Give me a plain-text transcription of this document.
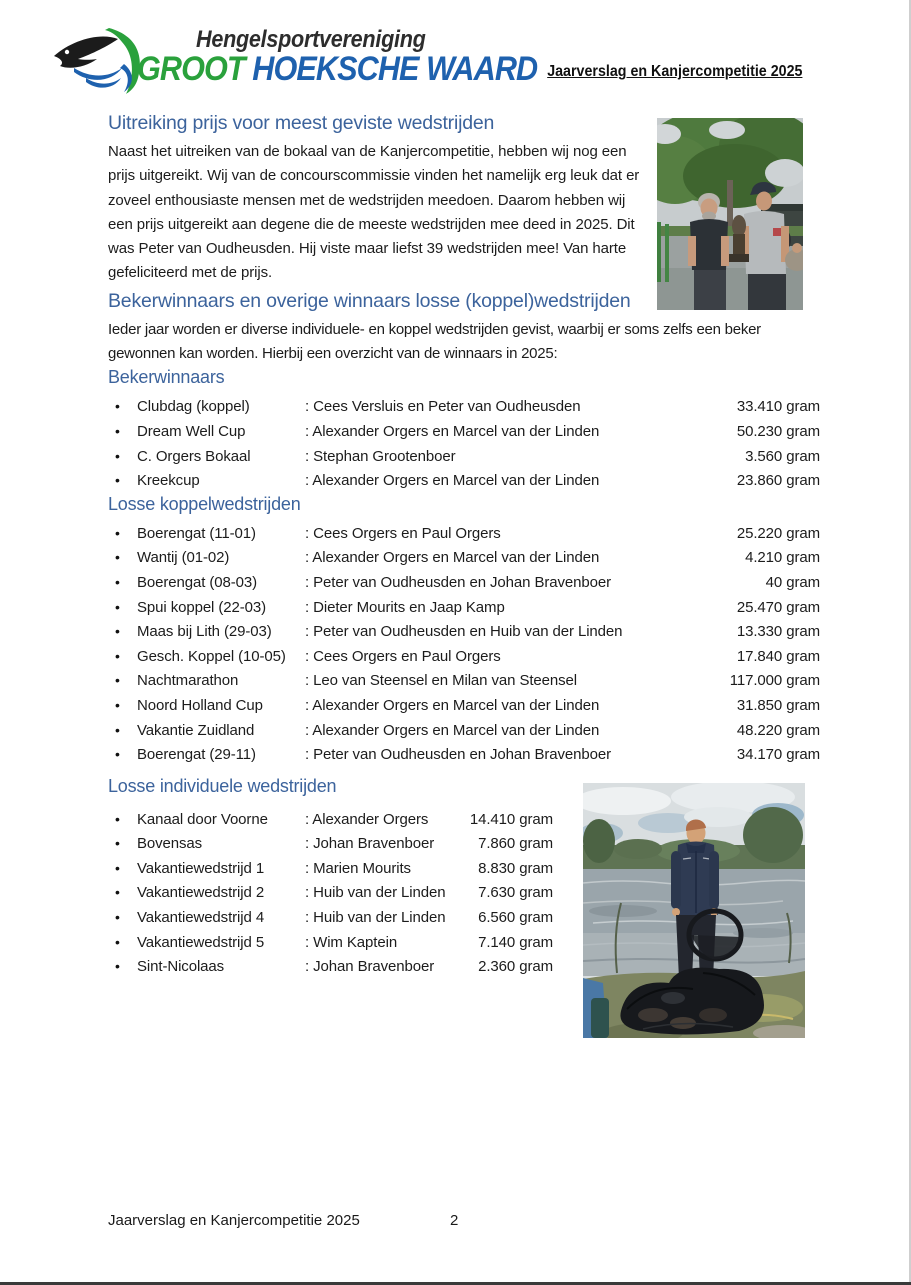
Hengelsportvereniging
GROOT HOEKSCHE WAARD Jaarverslag en Kanjercompetitie 2025
Uitreiking prijs voor meest geviste wedstrijden

Naast het uitreiken van de bokaal van de Kanjercompetitie, hebben wij nog een prijs uitgereikt. Wij van de concourscommissie vinden het namelijk erg leuk dat er zoveel enthousiaste mensen met de wedstrijden meedoen. Daarom hebben wij een prijs uitgereikt aan degene die de meeste wedstrijden mee deed in 2025. Dit was Peter van Oudheusden. Hij viste maar liefst 39 wedstrijden mee! Van harte gefeliciteerd met de prijs.

Bekerwinnaars en overige winnaars losse (koppel)wedstrijden

Ieder jaar worden er diverse individuele- en koppel wedstrijden gevist, waarbij er soms zelfs een beker gewonnen kan worden. Hierbij een overzicht van de winnaars in 2025:

Bekerwinnaars
•	Clubdag (koppel)	: Cees Versluis en Peter van Oudheusden	33.410 gram
•	Dream Well Cup	: Alexander Orgers en Marcel van der Linden	50.230 gram
•	C. Orgers Bokaal	: Stephan Grootenboer	3.560 gram
•	Kreekcup	: Alexander Orgers en Marcel van der Linden	23.860 gram
Losse koppelwedstrijden
•	Boerengat (11-01)	: Cees Orgers en Paul Orgers	25.220 gram
•	Wantij (01-02)	: Alexander Orgers en Marcel van der Linden	4.210 gram
•	Boerengat (08-03)	: Peter van Oudheusden en Johan Bravenboer	40 gram
•	Spui koppel (22-03)	: Dieter Mourits en Jaap Kamp	25.470 gram
•	Maas bij Lith (29-03)	: Peter van Oudheusden en Huib van der Linden	13.330 gram
•	Gesch. Koppel (10-05)	: Cees Orgers en Paul Orgers	17.840 gram
•	Nachtmarathon	: Leo van Steensel en Milan van Steensel	117.000 gram
•	Noord Holland Cup	: Alexander Orgers en Marcel van der Linden	31.850 gram
•	Vakantie Zuidland	: Alexander Orgers en Marcel van der Linden	48.220 gram
•	Boerengat (29-11)	: Peter van Oudheusden en Johan Bravenboer	34.170 gram
Losse individuele wedstrijden
•	Kanaal door Voorne	: Alexander Orgers	14.410 gram
•	Bovensas	: Johan Bravenboer	7.860 gram
•	Vakantiewedstrijd 1	: Marien Mourits	8.830 gram
•	Vakantiewedstrijd 2	: Huib van der Linden	7.630 gram
•	Vakantiewedstrijd 4	: Huib van der Linden	6.560 gram
•	Vakantiewedstrijd 5	: Wim Kaptein	7.140 gram
•	Sint-Nicolaas	: Johan Bravenboer	2.360 gram
Jaarverslag en Kanjercompetitie 2025	2
